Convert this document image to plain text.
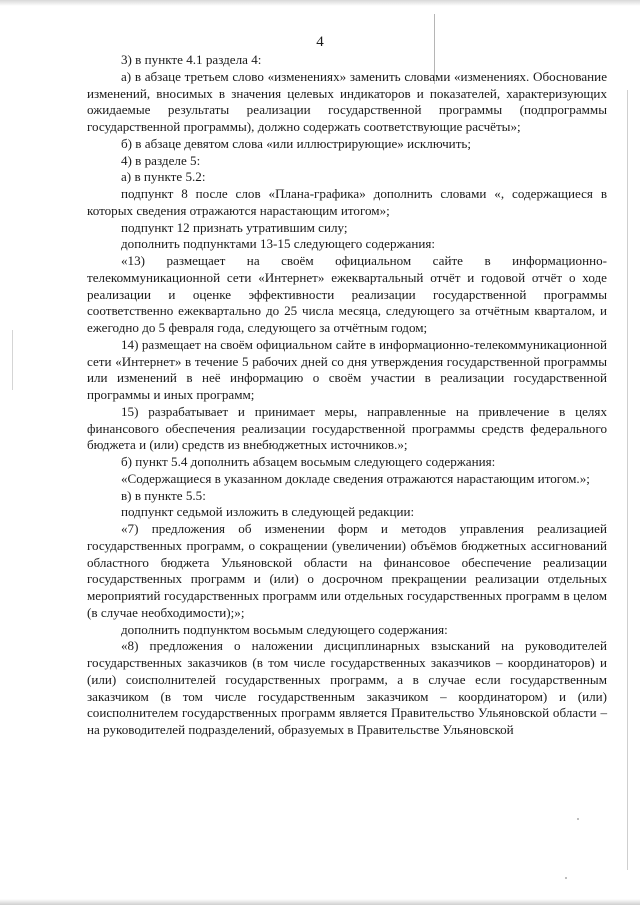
4

3) в пункте 4.1 раздела 4:

а) в абзаце третьем слово «изменениях» заменить словами «изменениях. Обоснование изменений, вносимых в значения целевых индикаторов и показателей, характеризующих ожидаемые результаты реализации государственной программы (подпрограммы государственной программы), должно содержать соответствующие расчёты»;

б) в абзаце девятом слова «или иллюстрирующие» исключить;

4) в разделе 5:

а) в пункте 5.2:

подпункт 8 после слов «Плана-графика» дополнить словами «, содержащиеся в которых сведения отражаются нарастающим итогом»;

подпункт 12 признать утратившим силу;

дополнить подпунктами 13-15 следующего содержания:

«13) размещает на своём официальном сайте в информационно-телекоммуникационной сети «Интернет» ежеквартальный отчёт и годовой отчёт о ходе реализации и оценке эффективности реализации государственной программы соответственно ежеквартально до 25 числа месяца, следующего за отчётным кварталом, и ежегодно до 5 февраля года, следующего за отчётным годом;

14) размещает на своём официальном сайте в информационно-телекоммуникационной сети «Интернет» в течение 5 рабочих дней со дня утверждения государственной программы или изменений в неё информацию о своём участии в реализации государственной программы и иных программ;

15) разрабатывает и принимает меры, направленные на привлечение в целях финансового обеспечения реализации государственной программы средств федерального бюджета и (или) средств из внебюджетных источников.»;

б) пункт 5.4 дополнить абзацем восьмым следующего содержания:

«Содержащиеся в указанном докладе сведения отражаются нарастающим итогом.»;

в) в пункте 5.5:

подпункт седьмой изложить в следующей редакции:

«7) предложения об изменении форм и методов управления реализацией государственных программ, о сокращении (увеличении) объёмов бюджетных ассигнований областного бюджета Ульяновской области на финансовое обеспечение реализации государственных программ и (или) о досрочном прекращении реализации отдельных мероприятий государственных программ или отдельных государственных программ в целом (в случае необходимости);»;

дополнить подпунктом восьмым следующего содержания:

«8) предложения о наложении дисциплинарных взысканий на руководителей государственных заказчиков (в том числе государственных заказчиков – координаторов) и (или) соисполнителей государственных программ, а в случае если государственным заказчиком (в том числе государственным заказчиком – координатором) и (или) соисполнителем государственных программ является Правительство Ульяновской области – на руководителей подразделений, образуемых в Правительстве Ульяновской
